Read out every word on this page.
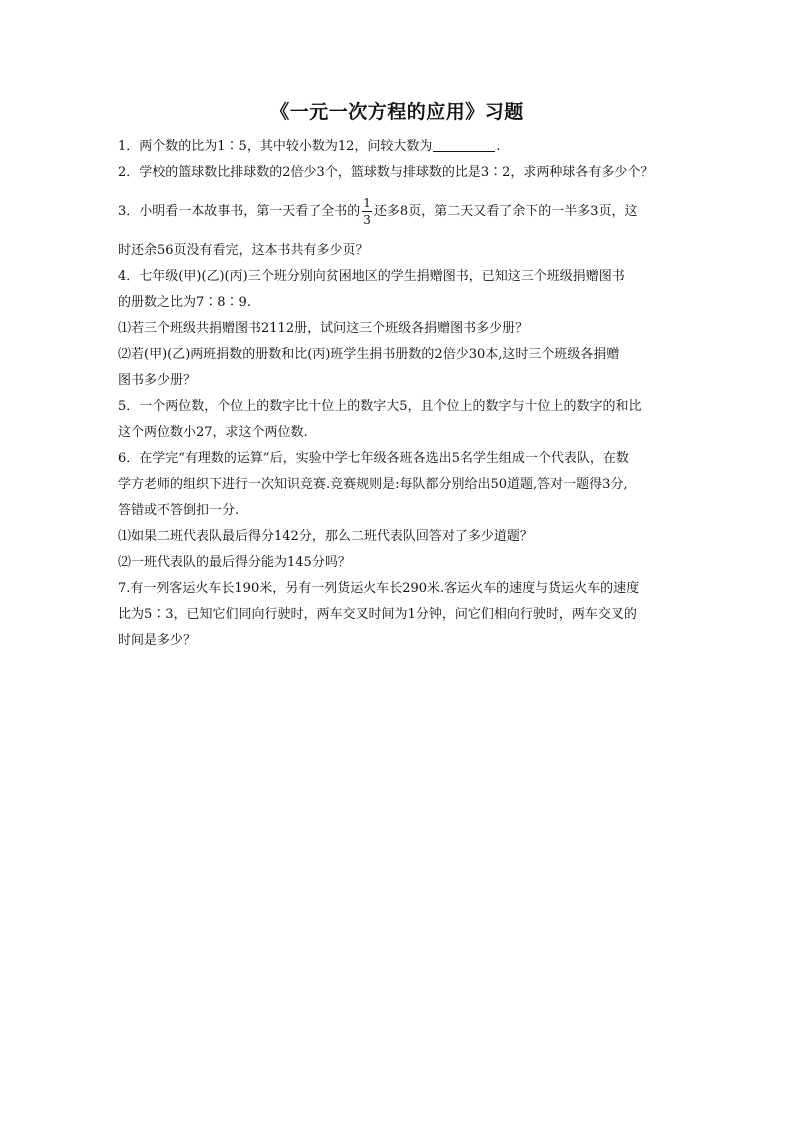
《一元一次方程的应用》习题
1．两个数的比为1∶5，其中较小数为12，问较大数为	.
2．学校的篮球数比排球数的2倍少3个，篮球数与排球数的比是3∶2，求两种球各有多少个？
3．小明看一本故事书，第一天看了全书的 $\frac{1}{3}$ 还多8页，第二天又看了余下的一半多3页，这
时还余56页没有看完，这本书共有多少页？
4．七年级(甲)(乙)(丙)三个班分别向贫困地区的学生捐赠图书，已知这三个班级捐赠图书
的册数之比为7∶8∶9.
⑴若三个班级共捐赠图书2112册，试问这三个班级各捐赠图书多少册？
⑵若(甲)(乙)两班捐数的册数和比(丙)班学生捐书册数的2倍少30本,这时三个班级各捐赠
图书多少册？
5．一个两位数，个位上的数字比十位上的数字大5，且个位上的数字与十位上的数字的和比
这个两位数小27，求这个两位数.
6．在学完“有理数的运算”后，实验中学七年级各班各选出5名学生组成一个代表队，在数
学方老师的组织下进行一次知识竞赛.竞赛规则是:每队都分别给出50道题,答对一题得3分,
答错或不答倒扣一分.
⑴如果二班代表队最后得分142分，那么二班代表队回答对了多少道题？
⑵一班代表队的最后得分能为145分吗？
7.有一列客运火车长190米，另有一列货运火车长290米.客运火车的速度与货运火车的速度
比为5∶3，已知它们同向行驶时，两车交叉时间为1分钟，问它们相向行驶时，两车交叉的
时间是多少？
